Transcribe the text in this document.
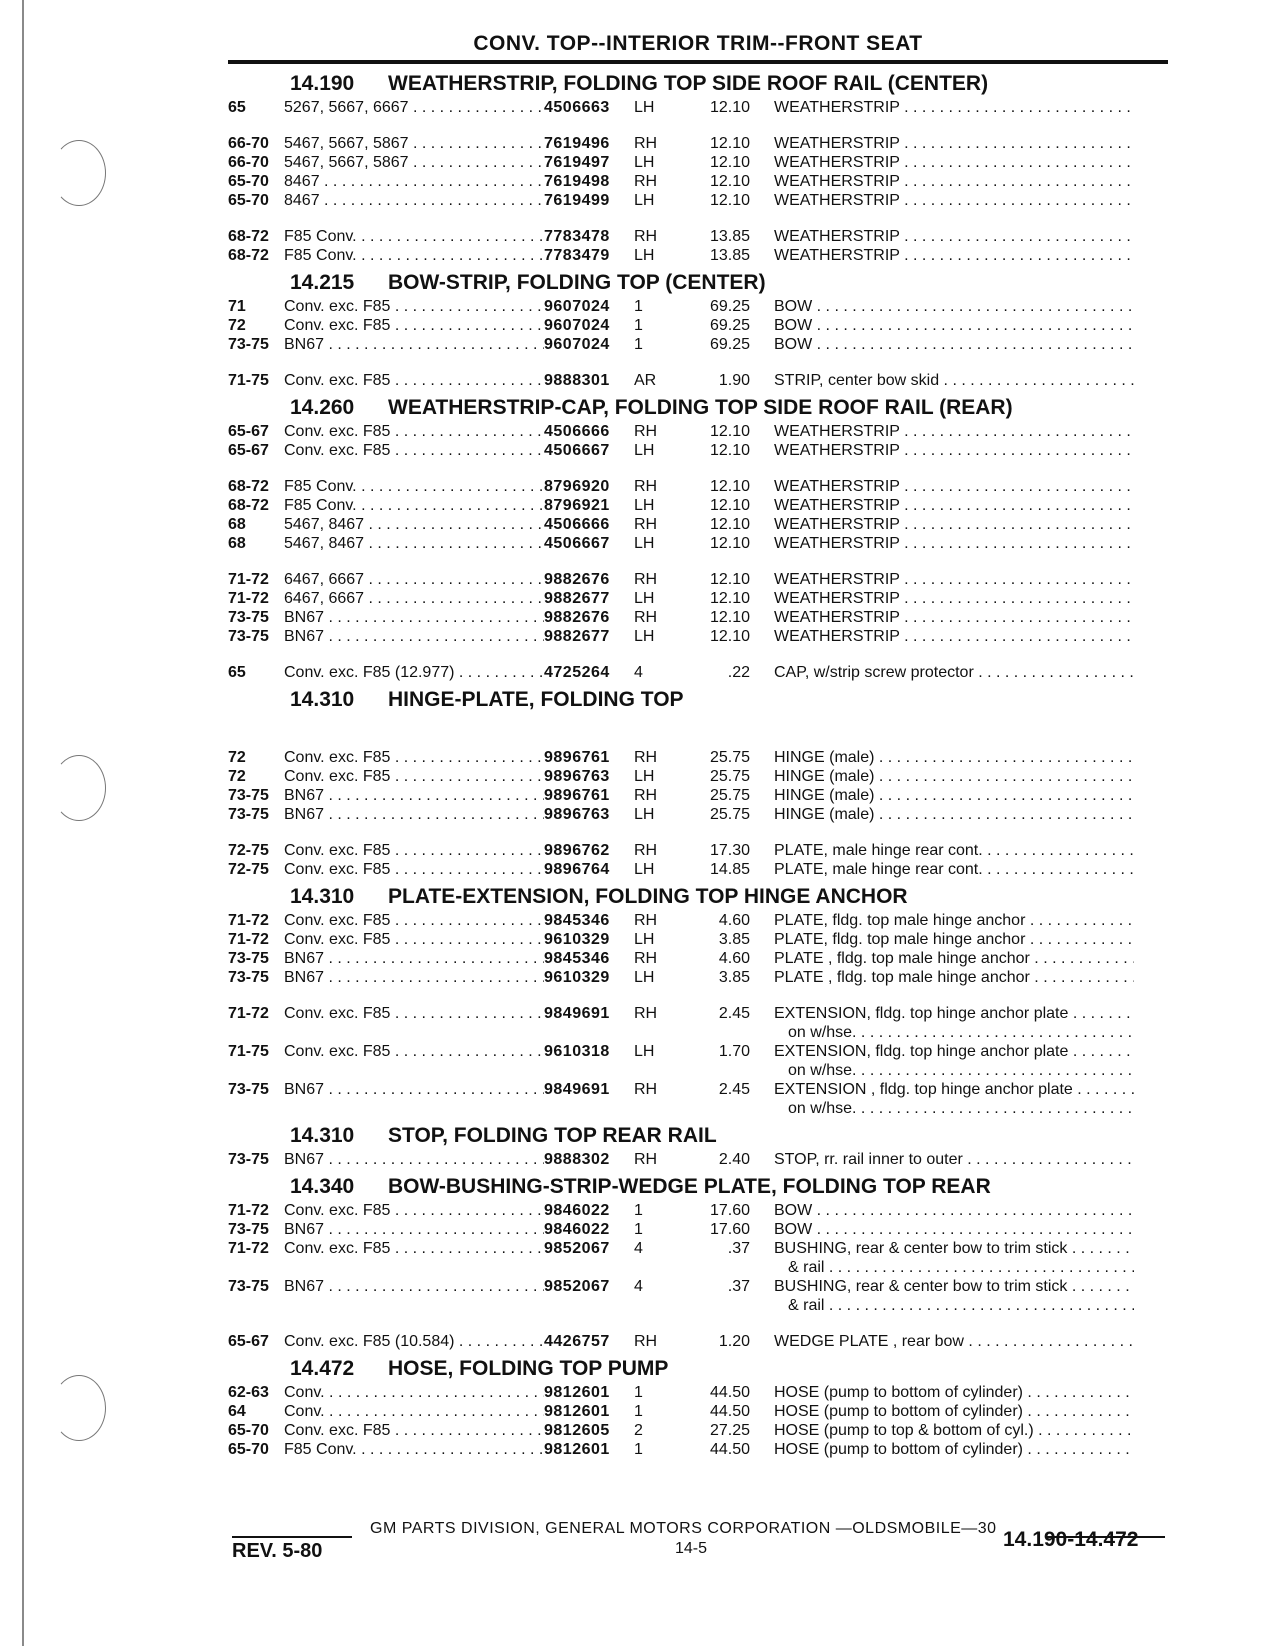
CONV. TOP--INTERIOR TRIM--FRONT SEAT
14.190	WEATHERSTRIP, FOLDING TOP SIDE ROOF RAIL (CENTER)
65	5267, 5667, 6667 . . .	4506663	LH	12.10 WEATHERSTRIP . . .
66-70 5467, 5667, 5867 . . .	7619496	RH	12.10 WEATHERSTRIP . . .
66-70 5467, 5667, 5867 . . .	7619497	LH	12.10 WEATHERSTRIP . . .
65-70 8467 . . .	7619498	RH	12.10 WEATHERSTRIP . . .
65-70 8467 . . .	7619499	LH	12.10 WEATHERSTRIP . . .
68-72 F85 Conv. . . .	7783478	RH	13.85 WEATHERSTRIP . . .
68-72 F85 Conv. . . .	7783479	LH	13.85 WEATHERSTRIP . . .
14.215	BOW-STRIP, FOLDING TOP (CENTER)
71	Conv. exc. F85 . . .	9607024	1	69.25 BOW . . .
72	Conv. exc. F85 . . .	9607024	1	69.25 BOW . . .
73-75 BN67 . . .	9607024	1	69.25 BOW . . .
71-75 Conv. exc. F85 . . .	9888301	AR	1.90 STRIP, center bow skid . . .
14.260	WEATHERSTRIP-CAP, FOLDING TOP SIDE ROOF RAIL (REAR)
65-67 Conv. exc. F85 . . .	4506666	RH	12.10 WEATHERSTRIP . . .
65-67 Conv. exc. F85 . . .	4506667	LH	12.10 WEATHERSTRIP . . .
68-72 F85 Conv. . . .	8796920	RH	12.10 WEATHERSTRIP . . .
68-72 F85 Conv. . . .	8796921	LH	12.10 WEATHERSTRIP . . .
68	5467, 8467 . . .	4506666	RH	12.10 WEATHERSTRIP . . .
68	5467, 8467 . . .	4506667	LH	12.10 WEATHERSTRIP . . .
71-72 6467, 6667 . . .	9882676	RH	12.10 WEATHERSTRIP . . .
71-72 6467, 6667 . . .	9882677	LH	12.10 WEATHERSTRIP . . .
73-75 BN67 . . .	9882676	RH	12.10 WEATHERSTRIP . . .
73-75 BN67 . . .	9882677	LH	12.10 WEATHERSTRIP . . .
65	Conv. exc. F85 (12.977) . . .	4725264	4	.22 CAP, w/strip screw protector . . .
14.310	HINGE-PLATE, FOLDING TOP
72	Conv. exc. F85 . . .	9896761	RH	25.75 HINGE (male) . . .
72	Conv. exc. F85 . . .	9896763	LH	25.75 HINGE (male) . . .
73-75 BN67 . . .	9896761	RH	25.75 HINGE (male) . . .
73-75 BN67 . . .	9896763	LH	25.75 HINGE (male) . . .
72-75 Conv. exc. F85 . . .	9896762	RH	17.30 PLATE, male hinge rear cont. . . .
72-75 Conv. exc. F85 . . .	9896764	LH	14.85 PLATE, male hinge rear cont. . . .
14.310	PLATE-EXTENSION, FOLDING TOP HINGE ANCHOR
71-72 Conv. exc. F85 . . .	9845346	RH	4.60 PLATE, fldg. top male hinge anchor . . .
71-72 Conv. exc. F85 . . .	9610329	LH	3.85 PLATE, fldg. top male hinge anchor . . .
73-75 BN67 . . .	9845346	RH	4.60 PLATE , fldg. top male hinge anchor . . .
73-75 BN67 . . .	9610329	LH	3.85 PLATE , fldg. top male hinge anchor . . .
71-72 Conv. exc. F85 . . .	9849691	RH	2.45 EXTENSION, fldg. top hinge anchor plate . . .
on w/hse. . . .
71-75 Conv. exc. F85 . . .	9610318	LH	1.70 EXTENSION, fldg. top hinge anchor plate . . .
on w/hse. . . .
73-75 BN67 . . .	9849691	RH	2.45 EXTENSION , fldg. top hinge anchor plate . . .
on w/hse. . . .
14.310	STOP, FOLDING TOP REAR RAIL
73-75 BN67 . . .	9888302	RH	2.40 STOP, rr. rail inner to outer . . .
14.340	BOW-BUSHING-STRIP-WEDGE PLATE, FOLDING TOP REAR
71-72 Conv. exc. F85 . . .	9846022	1	17.60 BOW . . .
73-75 BN67 . . .	9846022	1	17.60 BOW . . .
71-72 Conv. exc. F85 . . .	9852067	4	.37 BUSHING, rear & center bow to trim stick . . .
& rail . . .
73-75 BN67 . . .	9852067	4	.37 BUSHING, rear & center bow to trim stick . . .
& rail . . .
65-67 Conv. exc. F85 (10.584) . . .	4426757	RH	1.20 WEDGE PLATE , rear bow . . .
14.472	HOSE, FOLDING TOP PUMP
62-63 Conv. . . .	9812601	1	44.50 HOSE (pump to bottom of cylinder) . . .
64	Conv. . . .	9812601	1	44.50 HOSE (pump to bottom of cylinder) . . .
65-70 Conv. exc. F85 . . .	9812605	2	27.25 HOSE (pump to top & bottom of cyl.) . . .
65-70 F85 Conv. . . .	9812601	1	44.50 HOSE (pump to bottom of cylinder) . . .
GM PARTS DIVISION, GENERAL MOTORS CORPORATION —OLDSMOBILE—30
REV. 5-80	14-5	14.190-14.472
